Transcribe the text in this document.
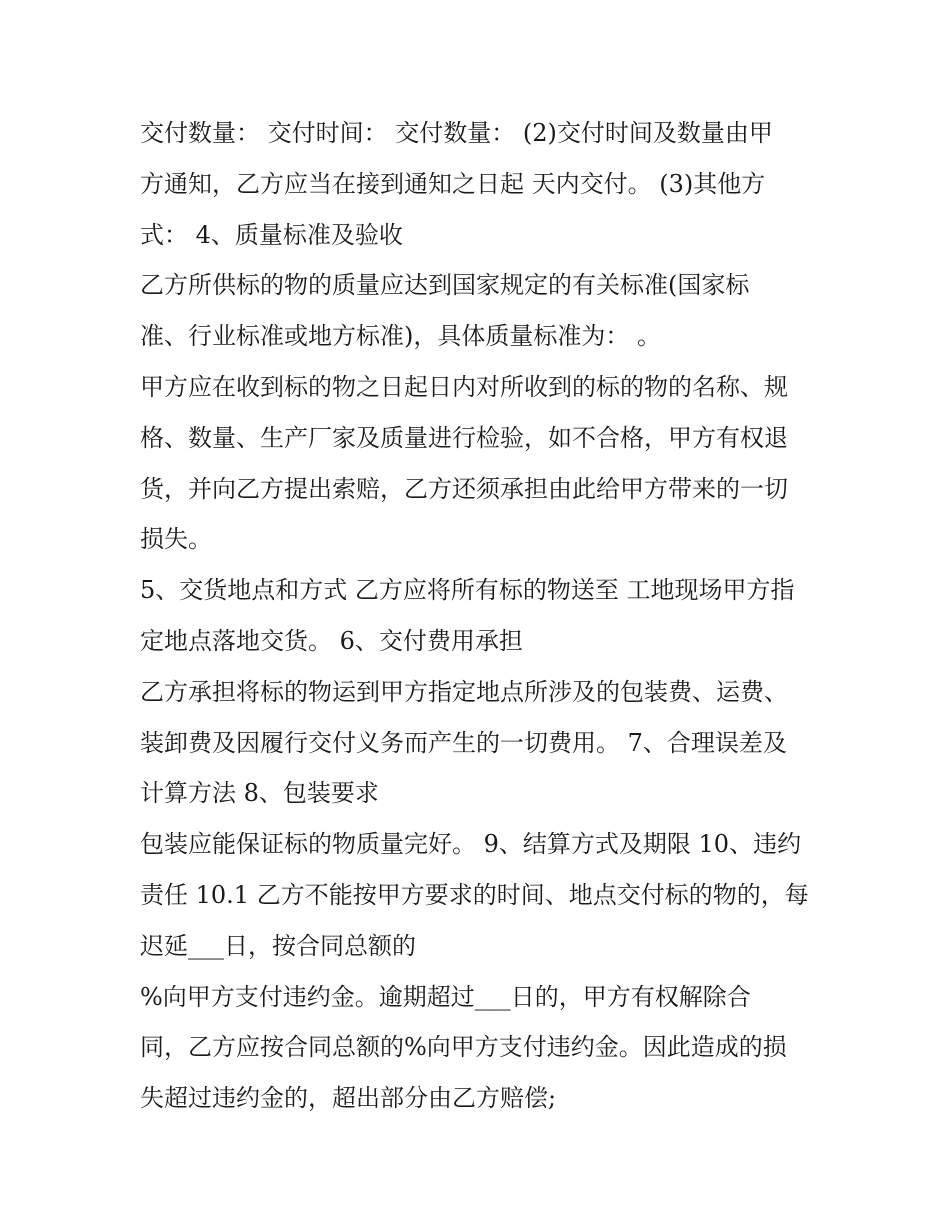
交付数量： 交付时间： 交付数量： (2)交付时间及数量由甲
方通知，乙方应当在接到通知之日起 天内交付。 (3)其他方
式： 4、质量标准及验收
乙方所供标的物的质量应达到国家规定的有关标准(国家标
准、行业标准或地方标准)，具体质量标准为： 。
甲方应在收到标的物之日起日内对所收到的标的物的名称、规
格、数量、生产厂家及质量进行检验，如不合格，甲方有权退
货，并向乙方提出索赔，乙方还须承担由此给甲方带来的一切
损失。
5、交货地点和方式 乙方应将所有标的物送至 工地现场甲方指
定地点落地交货。 6、交付费用承担
乙方承担将标的物运到甲方指定地点所涉及的包装费、运费、
装卸费及因履行交付义务而产生的一切费用。 7、合理误差及
计算方法 8、包装要求
包装应能保证标的物质量完好。 9、结算方式及期限 10、违约
责任 10.1 乙方不能按甲方要求的时间、地点交付标的物的，每
迟延___日，按合同总额的
%向甲方支付违约金。逾期超过___日的，甲方有权解除合
同，乙方应按合同总额的%向甲方支付违约金。因此造成的损
失超过违约金的，超出部分由乙方赔偿;
